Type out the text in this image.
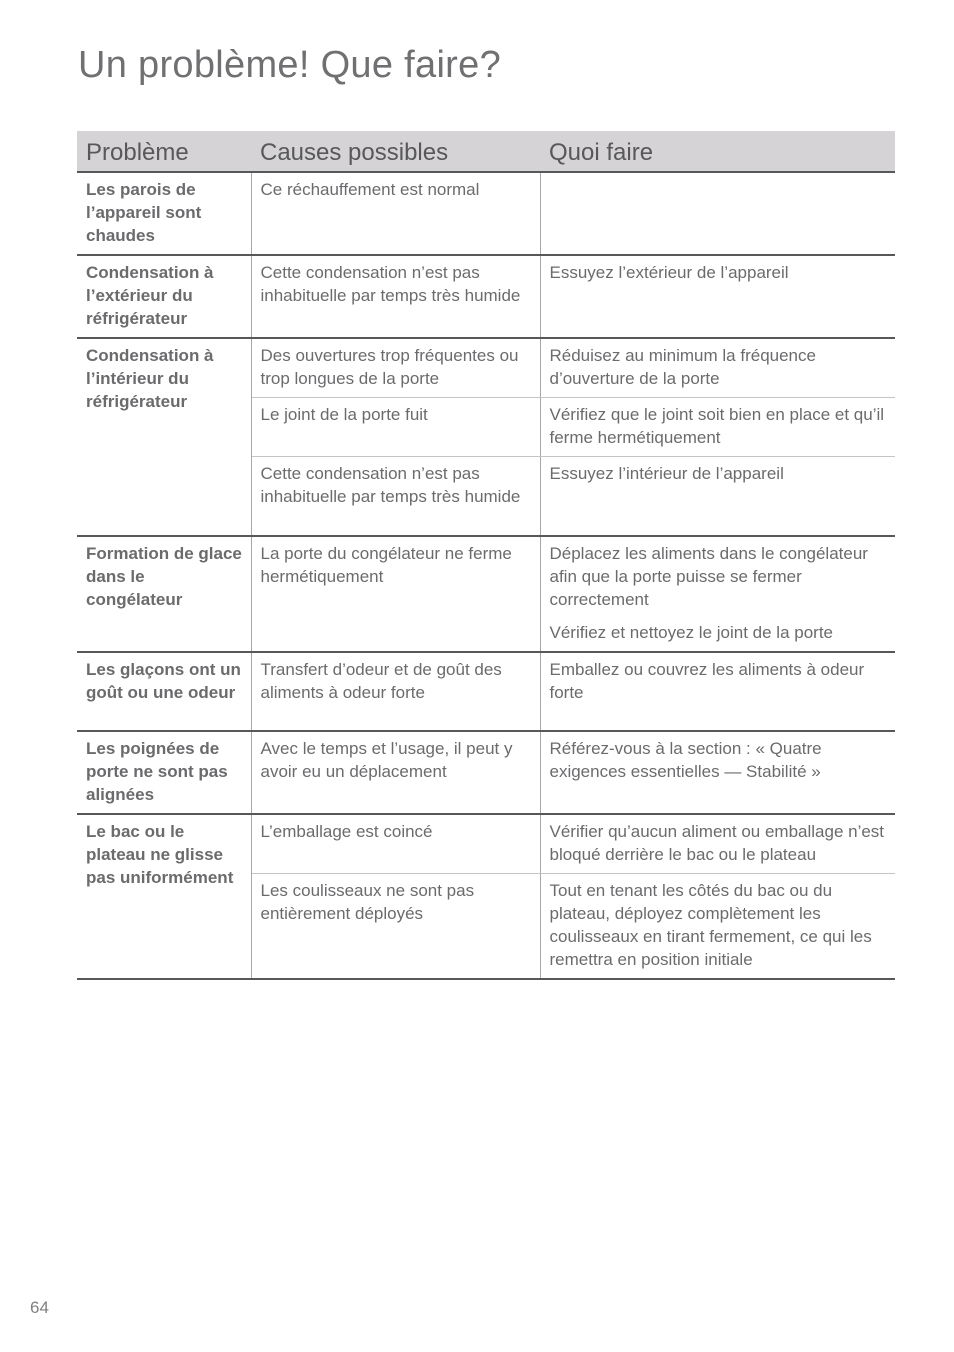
Un problème! Que faire?
Problème	Causes possibles	Quoi faire
Les parois de l’appareil sont chaudes	Ce réchauffement est normal	
Condensation à l’extérieur du réfrigérateur	Cette condensation n’est pas inhabituelle par temps très humide	Essuyez l’extérieur de l’appareil
Condensation à l’intérieur du réfrigérateur	Des ouvertures trop fréquentes ou trop longues de la porte	Réduisez au minimum la fréquence d’ouverture de la porte
	Le joint de la porte fuit	Vérifiez que le joint soit bien en place et qu’il ferme hermétiquement
	Cette condensation n’est pas inhabituelle par temps très humide	Essuyez l’intérieur de l’appareil
Formation de glace dans le congélateur	La porte du congélateur ne ferme hermétiquement	Déplacez les aliments dans le congélateur afin que la porte puisse se fermer correctement
Vérifiez et nettoyez le joint de la porte

Les glaçons ont un goût ou une odeur	Transfert d’odeur et de goût des aliments à odeur forte	Emballez ou couvrez les aliments à odeur forte
Les poignées de porte ne sont pas alignées	Avec le temps et l’usage, il peut y avoir eu un déplacement	Référez-vous à la section : « Quatre exigences essentielles — Stabilité »
Le bac ou le plateau ne glisse pas uniformément	L’emballage est coincé	Vérifier qu’aucun aliment ou emballage n’est bloqué derrière le bac ou le plateau
	Les coulisseaux ne sont pas entièrement déployés	Tout en tenant les côtés du bac ou du plateau, déployez complètement les coulisseaux en tirant fermement, ce qui les remettra en position initiale
64
